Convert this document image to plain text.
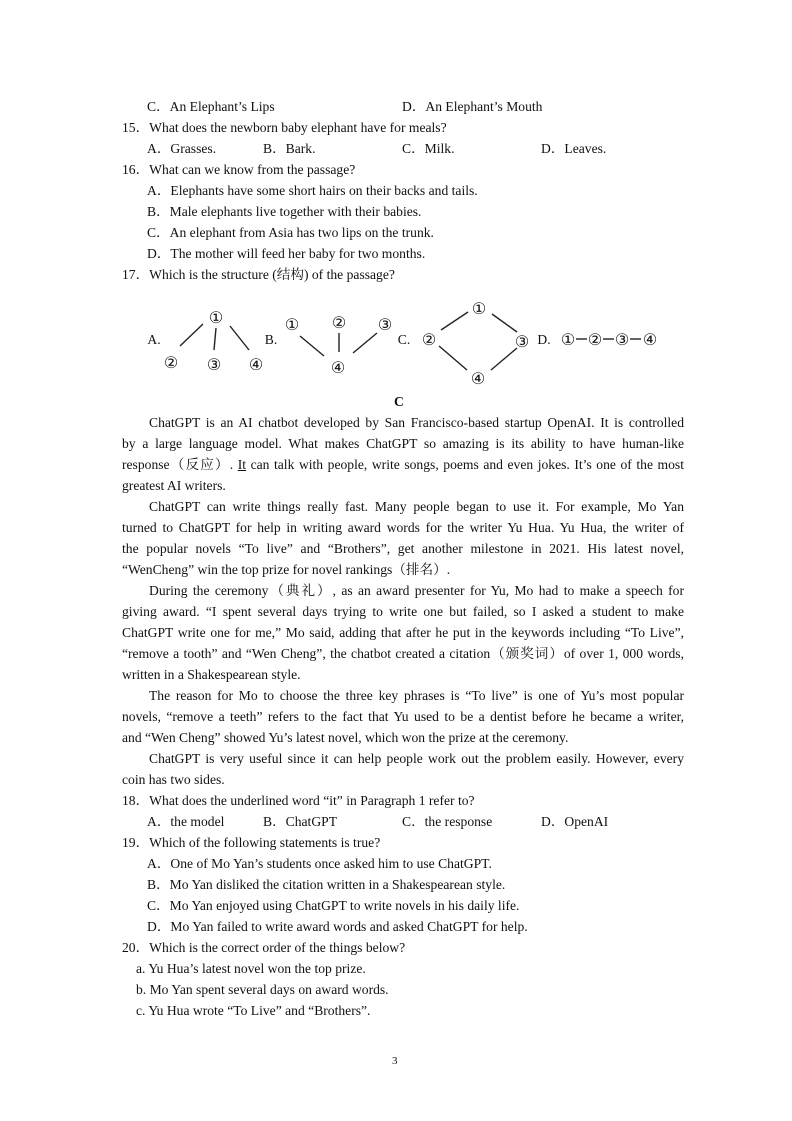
C．An Elephant’s Lips	D．An Elephant’s Mouth
15．What does the newborn baby elephant have for meals?
A．Grasses.	B．Bark.	C．Milk.	D．Leaves.
16．What can we know from the passage?
A．Elephants have some short hairs on their backs and tails.
B．Male elephants live together with their babies.
C．An elephant from Asia has two lips on the trunk.
D．The mother will feed her baby for two months.
17．Which is the structure (结构) of the passage?
A.
①
② ③ ④
B.
① ② ③
④
C.
①
②	③
④
D. ① ② ③ ④
C
ChatGPT is an AI chatbot developed by San Francisco-based startup OpenAI. It is controlled
by a large language model. What makes ChatGPT so amazing is its ability to have human-like
response（反应）. It can talk with people, write songs, poems and even jokes. It’s one of the most
greatest AI writers.
ChatGPT can write things really fast. Many people began to use it. For example, Mo Yan
turned to ChatGPT for help in writing award words for the writer Yu Hua. Yu Hua, the writer of
the popular novels “To live” and “Brothers”, get another milestone in 2021. His latest novel,
“WenCheng” win the top prize for novel rankings（排名）.
During the ceremony（典礼）, as an award presenter for Yu, Mo had to make a speech for
giving award. “I spent several days trying to write one but failed, so I asked a student to make
ChatGPT write one for me,” Mo said, adding that after he put in the keywords including “To Live”,
“remove a tooth” and “Wen Cheng”, the chatbot created a citation（颁奖词）of over 1, 000 words,
written in a Shakespearean style.
The reason for Mo to choose the three key phrases is “To live” is one of Yu’s most popular
novels, “remove a teeth” refers to the fact that Yu used to be a dentist before he became a writer,
and “Wen Cheng” showed Yu’s latest novel, which won the prize at the ceremony.
ChatGPT is very useful since it can help people work out the problem easily. However, every
coin has two sides.
18．What does the underlined word “it” in Paragraph 1 refer to?
A．the model	B．ChatGPT	C．the response	D．OpenAI
19．Which of the following statements is true?
A．One of Mo Yan’s students once asked him to use ChatGPT.
B．Mo Yan disliked the citation written in a Shakespearean style.
C．Mo Yan enjoyed using ChatGPT to write novels in his daily life.
D．Mo Yan failed to write award words and asked ChatGPT for help.
20．Which is the correct order of the things below?
a. Yu Hua’s latest novel won the top prize.
b. Mo Yan spent several days on award words.
c. Yu Hua wrote “To Live” and “Brothers”.
3
